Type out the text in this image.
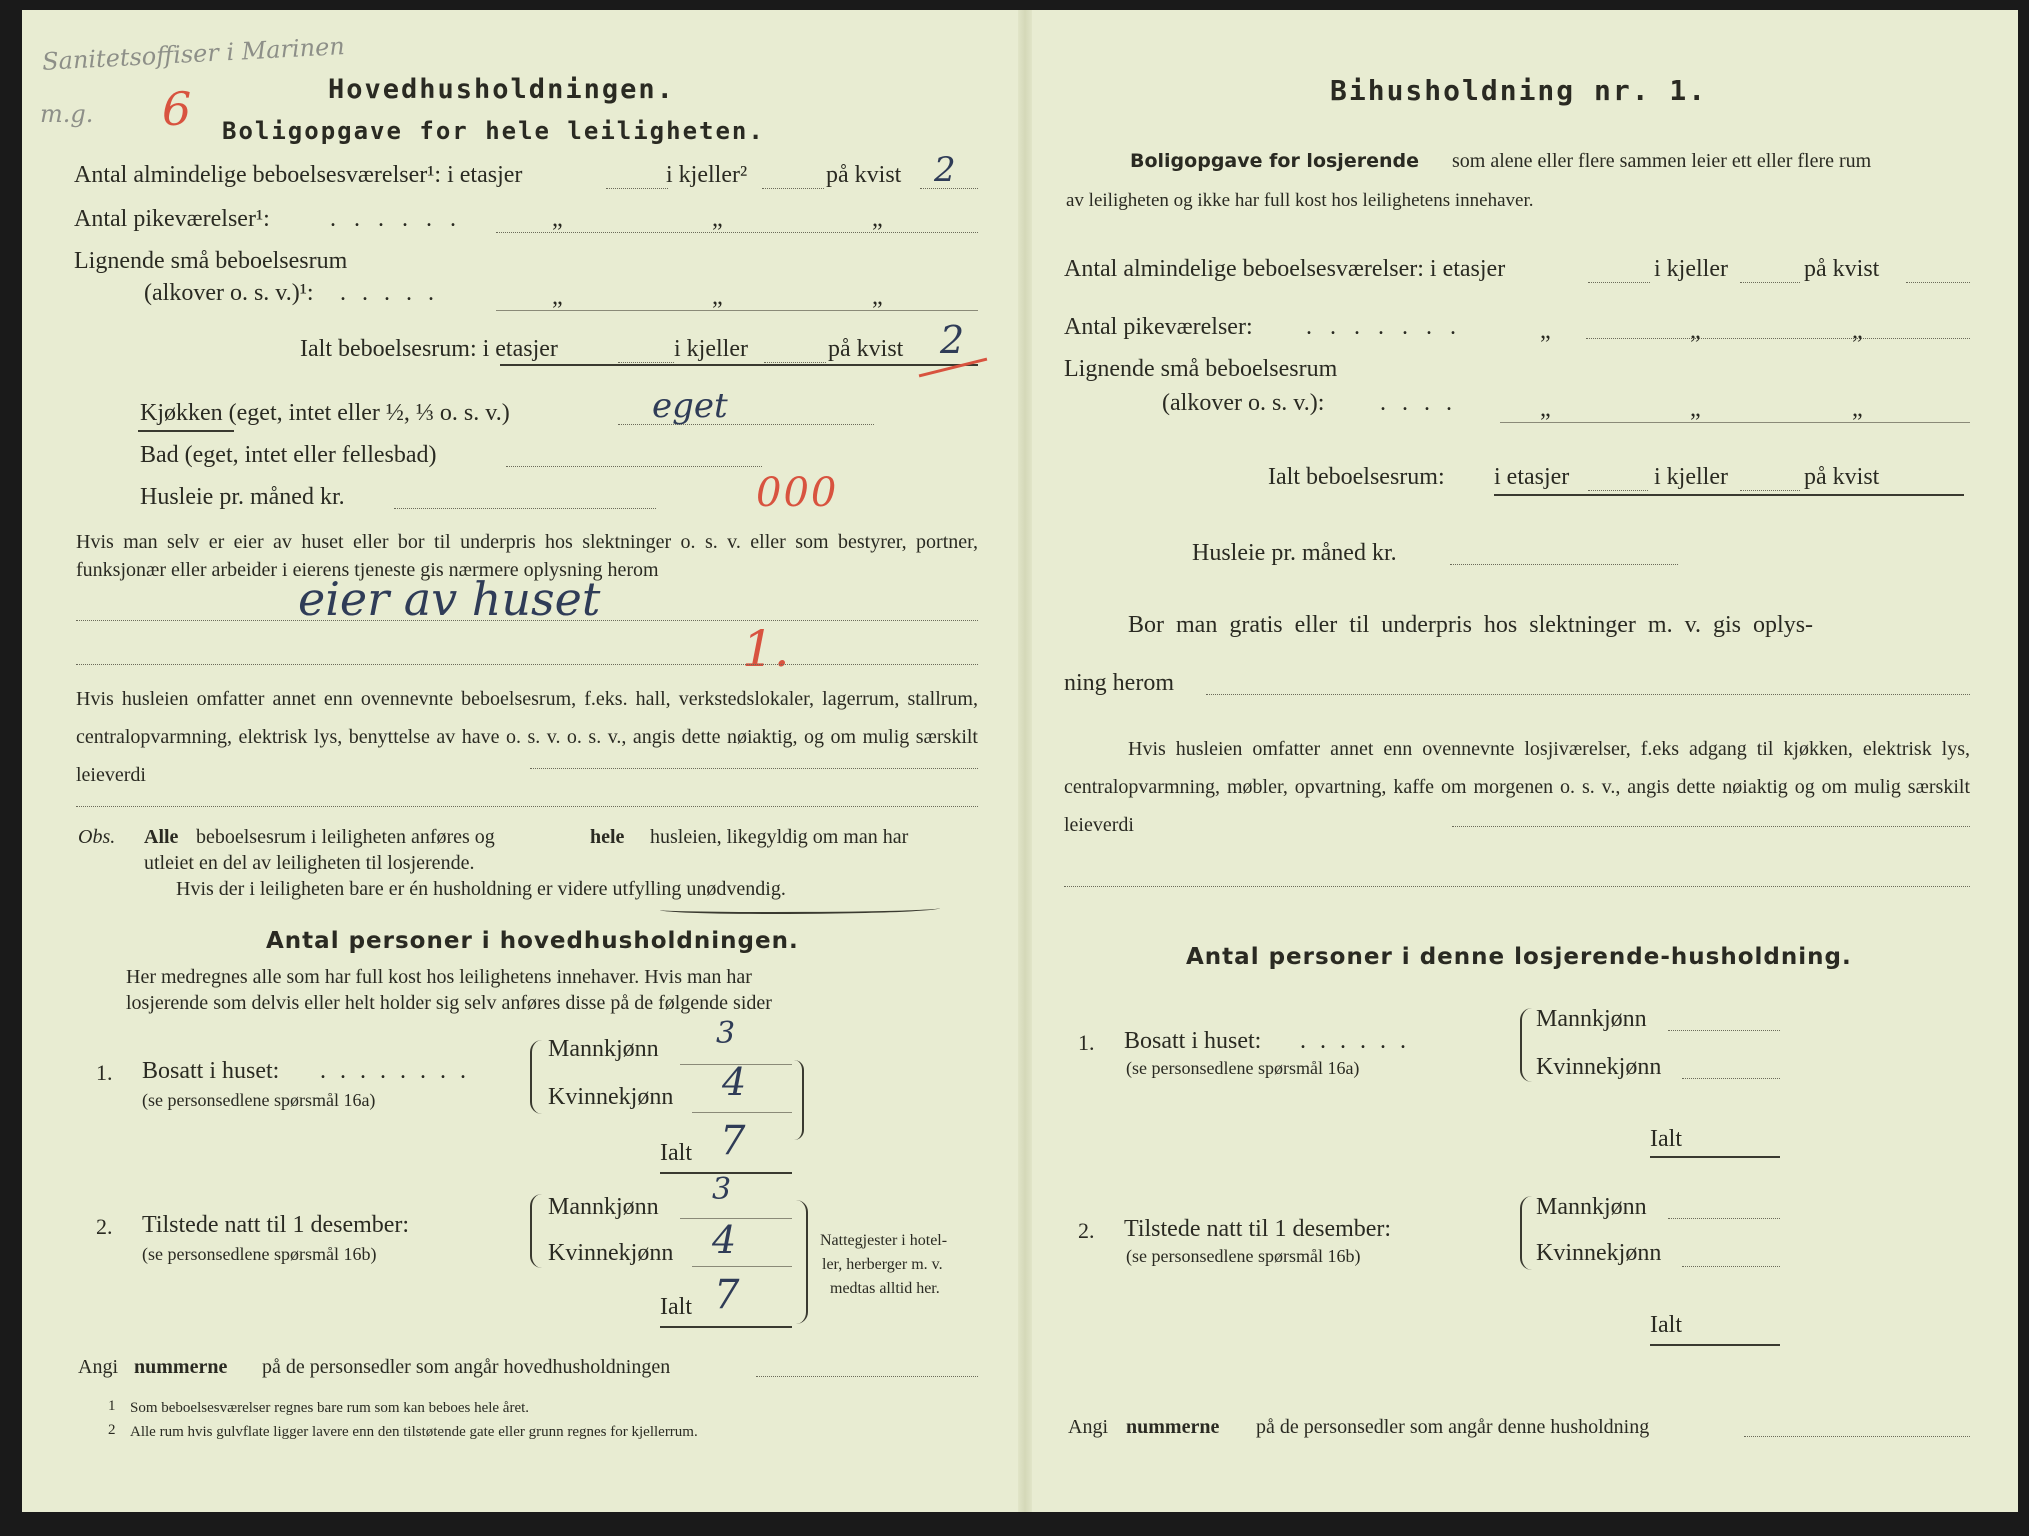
Sanitetsoffiser i Marinen
m.g. 6	Hovedhusholdningen.
Boligopgave for hele leiligheten.
Antal almindelige beboelsesværelser¹: i etasjer	i kjeller²	på kvist 2
Antal pikeværelser¹:	......	„	„	„
Lignende små beboelsesrum
(alkover o. s. v.)¹: .....	„	„	„
Ialt beboelsesrum: i etasjer	i kjeller	på kvist 2
Kjøkken (eget, intet eller ½, ⅓ o. s. v.)	eget
Bad (eget, intet eller fellesbad)
Husleie pr. måned kr.	000
Hvis man selv er eier av huset eller bor til underpris hos slektninger o. s. v. eller som bestyrer, portner, funksjonær eller arbeider i eierens tjeneste gis nærmere oplysning herom
eier av huset
1.
Hvis husleien omfatter annet enn ovennevnte beboelsesrum, f.eks. hall, verkstedslokaler, lagerrum, stallrum, centralopvarmning, elektrisk lys, benyttelse av have o. s. v. o. s. v., angis dette nøiaktig, og om mulig særskilt leieverdi
Obs. Alle beboelsesrum i leiligheten anføres og	hele husleien, likegyldig om man har
utleiet en del av leiligheten til losjerende.
Hvis der i leiligheten bare er én husholdning er videre utfylling unødvendig.
Antal personer i hovedhusholdningen.
Her medregnes alle som har full kost hos leilighetens innehaver. Hvis man har
losjerende som delvis eller helt holder sig selv anføres disse på de følgende sider
1. Bosatt i huset: ........
(se personsedlene spørsmål 16a)
Mannkjønn 3
Kvinnekjønn 4
Ialt 7
2. Tilstede natt til 1 desember:
(se personsedlene spørsmål 16b)
Mannkjønn 3
Kvinnekjønn 4	Nattegjester i hotel-
ler, herberger m. v.
medtas alltid her.
Ialt 7
Angi nummerne på de personsedler som angår hovedhusholdningen
1 Som beboelsesværelser regnes bare rum som kan beboes hele året.
2 Alle rum hvis gulvflate ligger lavere enn den tilstøtende gate eller grunn regnes for kjellerrum.
Bihusholdning nr. 1.
Boligopgave for losjerende som alene eller flere sammen leier ett eller flere rum
av leiligheten og ikke har full kost hos leilighetens innehaver.
Antal almindelige beboelsesværelser: i etasjer	i kjeller	på kvist
Antal pikeværelser: .......	„	„	„
Lignende små beboelsesrum
(alkover o. s. v.): ....	„	„	„
Ialt beboelsesrum: i etasjer	i kjeller	på kvist
Husleie pr. måned kr.
Bor man gratis eller til underpris hos slektninger m. v. gis oplys-
ning herom
Hvis husleien omfatter annet enn ovennevnte losjiværelser, f.eks adgang til kjøkken, elektrisk lys, centralopvarmning, møbler, opvartning, kaffe om morgenen o. s. v., angis dette nøiaktig og om mulig særskilt leieverdi
Antal personer i denne losjerende-husholdning.
1. Bosatt i huset: ......
(se personsedlene spørsmål 16a)
Mannkjønn
Kvinnekjønn
Ialt
2. Tilstede natt til 1 desember:
(se personsedlene spørsmål 16b)
Mannkjønn
Kvinnekjønn
Ialt
Angi nummerne på de personsedler som angår denne husholdning
